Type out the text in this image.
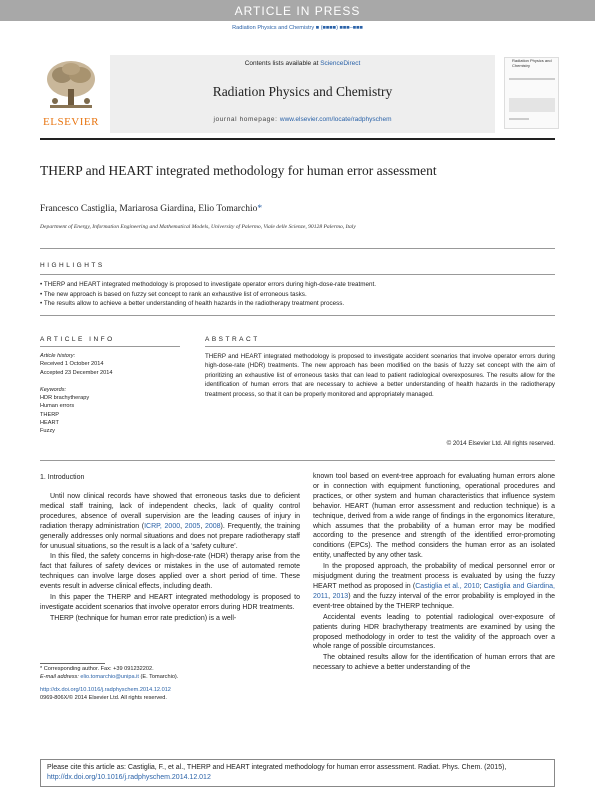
ARTICLE IN PRESS
Radiation Physics and Chemistry ■ (■■■■) ■■■–■■■
ELSEVIER
Contents lists available at ScienceDirect
Radiation Physics and Chemistry
journal homepage: www.elsevier.com/locate/radphyschem
Radiation Physics and Chemistry
THERP and HEART integrated methodology for human error assessment
Francesco Castiglia, Mariarosa Giardina, Elio Tomarchio*
Department of Energy, Information Engineering and Mathematical Models, University of Palermo, Viale delle Scienze, 90128 Palermo, Italy
HIGHLIGHTS
• THERP and HEART integrated methodology is proposed to investigate operator errors during high-dose-rate treatment.
• The new approach is based on fuzzy set concept to rank an exhaustive list of erroneous tasks.
• The results allow to achieve a better understanding of health hazards in the radiotherapy treatment process.
ARTICLE INFO
Article history:
Received 1 October 2014
Accepted 23 December 2014
Keywords:
HDR brachytherapy
Human errors
THERP
HEART
Fuzzy
ABSTRACT
THERP and HEART integrated methodology is proposed to investigate accident scenarios that involve operator errors during high-dose-rate (HDR) treatments. The new approach has been modified on the basis of fuzzy set concept with the aim of prioritizing an exhaustive list of erroneous tasks that can lead to patient radiological overexposures. The results allow for the identification of human errors that are necessary to achieve a better understanding of health hazards in the radiotherapy treatment process, so that it can be properly monitored and appropriately managed.
© 2014 Elsevier Ltd. All rights reserved.
1. Introduction

Until now clinical records have showed that erroneous tasks due to deficient medical staff training, lack of independent checks, lack of quality control procedures, absence of overall supervision are the leading causes of injury in radiation therapy administration (ICRP, 2000, 2005, 2008). Frequently, the training generally addresses only normal situations and does not prepare radiotherapy staff for unusual situations, so the result is a lack of a ‘safety culture’.

In this filed, the safety concerns in high-dose-rate (HDR) therapy arise from the fact that failures of safety devices or mistakes in the use of automated remote techniques can involve large doses applied over a short period of time. These events result in adverse clinical effects, including death.

In this paper the THERP and HEART integrated methodology is proposed to investigate accident scenarios that involve operator errors during HDR treatments.

THERP (technique for human error rate prediction) is a well-

known tool based on event-tree approach for evaluating human errors alone or in connection with equipment functioning, operational procedures and practices, or other system and human characteristics that influence system behavior. HEART (human error assessment and reduction technique) is a technique, derived from a wide range of findings in the ergonomics literature, which assumes that the probability of a human error may be modified according to the presence and strength of the identified error-promoting conditions (EPCs). The method considers the human error as an isolated entity, unaffected by any other task.

In the proposed approach, the probability of medical personnel error or misjudgment during the treatment process is evaluated by using the fuzzy HEART method as proposed in (Castiglia et al., 2010; Castiglia and Giardina, 2011, 2013) and the fuzzy interval of the error probability is employed in the event-tree obtained by the THERP technique.

Accidental events leading to potential radiological over-exposure of patients during HDR brachytherapy treatments are examined by using the proposed methodology in order to test the validity of the approach over a whole range of possible circumstances.

The obtained results allow for the identification of human errors that are necessary to achieve a better understanding of the

* Corresponding author. Fax: +39 091232202.
E-mail address: elio.tomarchio@unipa.it (E. Tomarchio).
http://dx.doi.org/10.1016/j.radphyschem.2014.12.012
0969-806X/© 2014 Elsevier Ltd. All rights reserved.
Please cite this article as: Castiglia, F., et al., THERP and HEART integrated methodology for human error assessment. Radiat. Phys. Chem. (2015), http://dx.doi.org/10.1016/j.radphyschem.2014.12.012
